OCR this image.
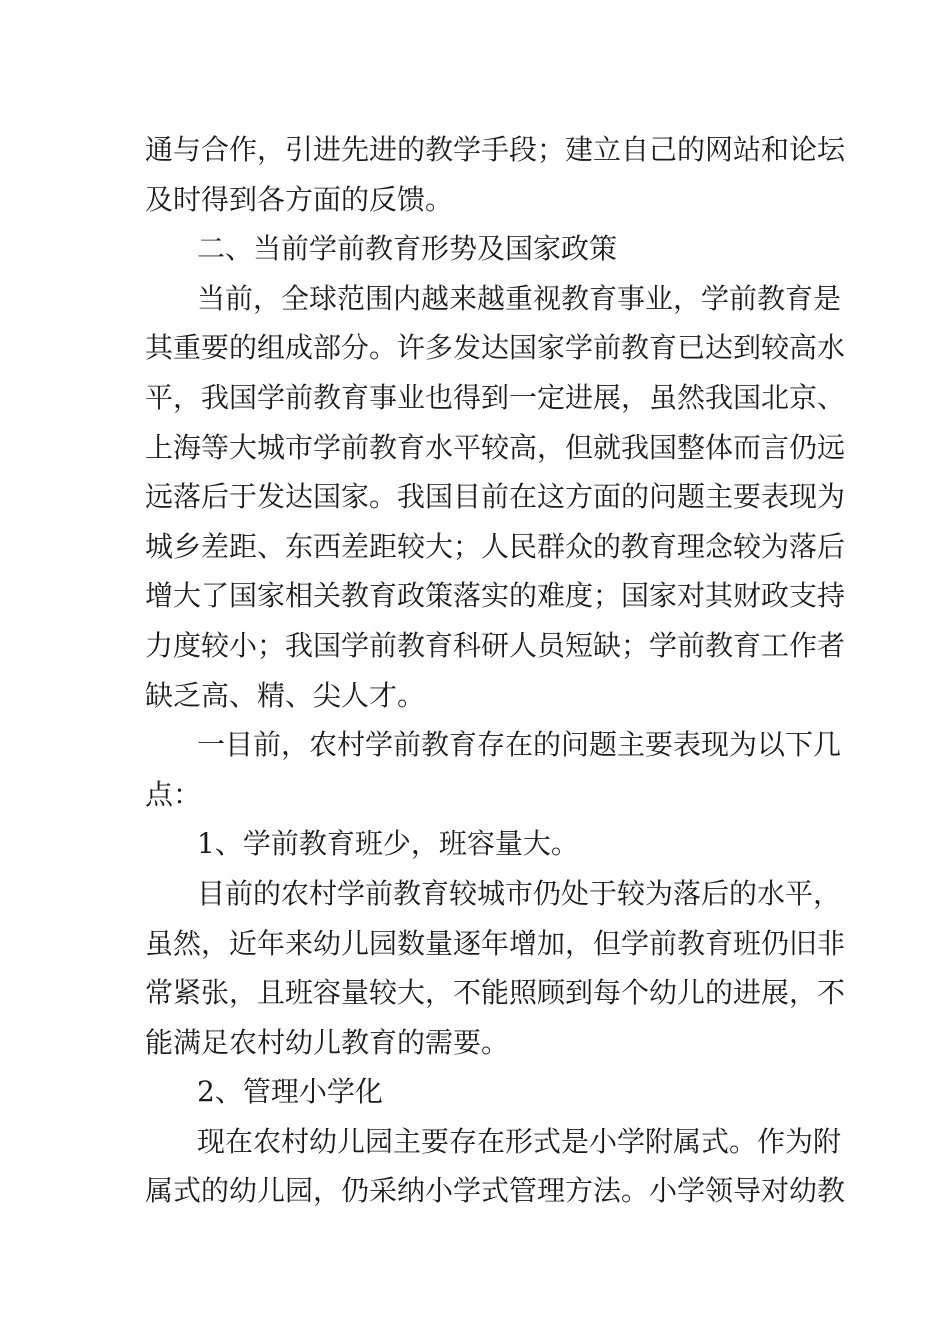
通与合作，引进先进的教学手段；建立自己的网站和论坛
及时得到各方面的反馈。
二、当前学前教育形势及国家政策
当前，全球范围内越来越重视教育事业，学前教育是
其重要的组成部分。许多发达国家学前教育已达到较高水
平，我国学前教育事业也得到一定进展，虽然我国北京、
上海等大城市学前教育水平较高，但就我国整体而言仍远
远落后于发达国家。我国目前在这方面的问题主要表现为
城乡差距、东西差距较大；人民群众的教育理念较为落后
增大了国家相关教育政策落实的难度；国家对其财政支持
力度较小；我国学前教育科研人员短缺；学前教育工作者
缺乏高、精、尖人才。
一目前，农村学前教育存在的问题主要表现为以下几
点：
1、学前教育班少，班容量大。
目前的农村学前教育较城市仍处于较为落后的水平，
虽然，近年来幼儿园数量逐年增加，但学前教育班仍旧非
常紧张，且班容量较大，不能照顾到每个幼儿的进展，不
能满足农村幼儿教育的需要。
2、管理小学化
现在农村幼儿园主要存在形式是小学附属式。作为附
属式的幼儿园，仍采纳小学式管理方法。小学领导对幼教
